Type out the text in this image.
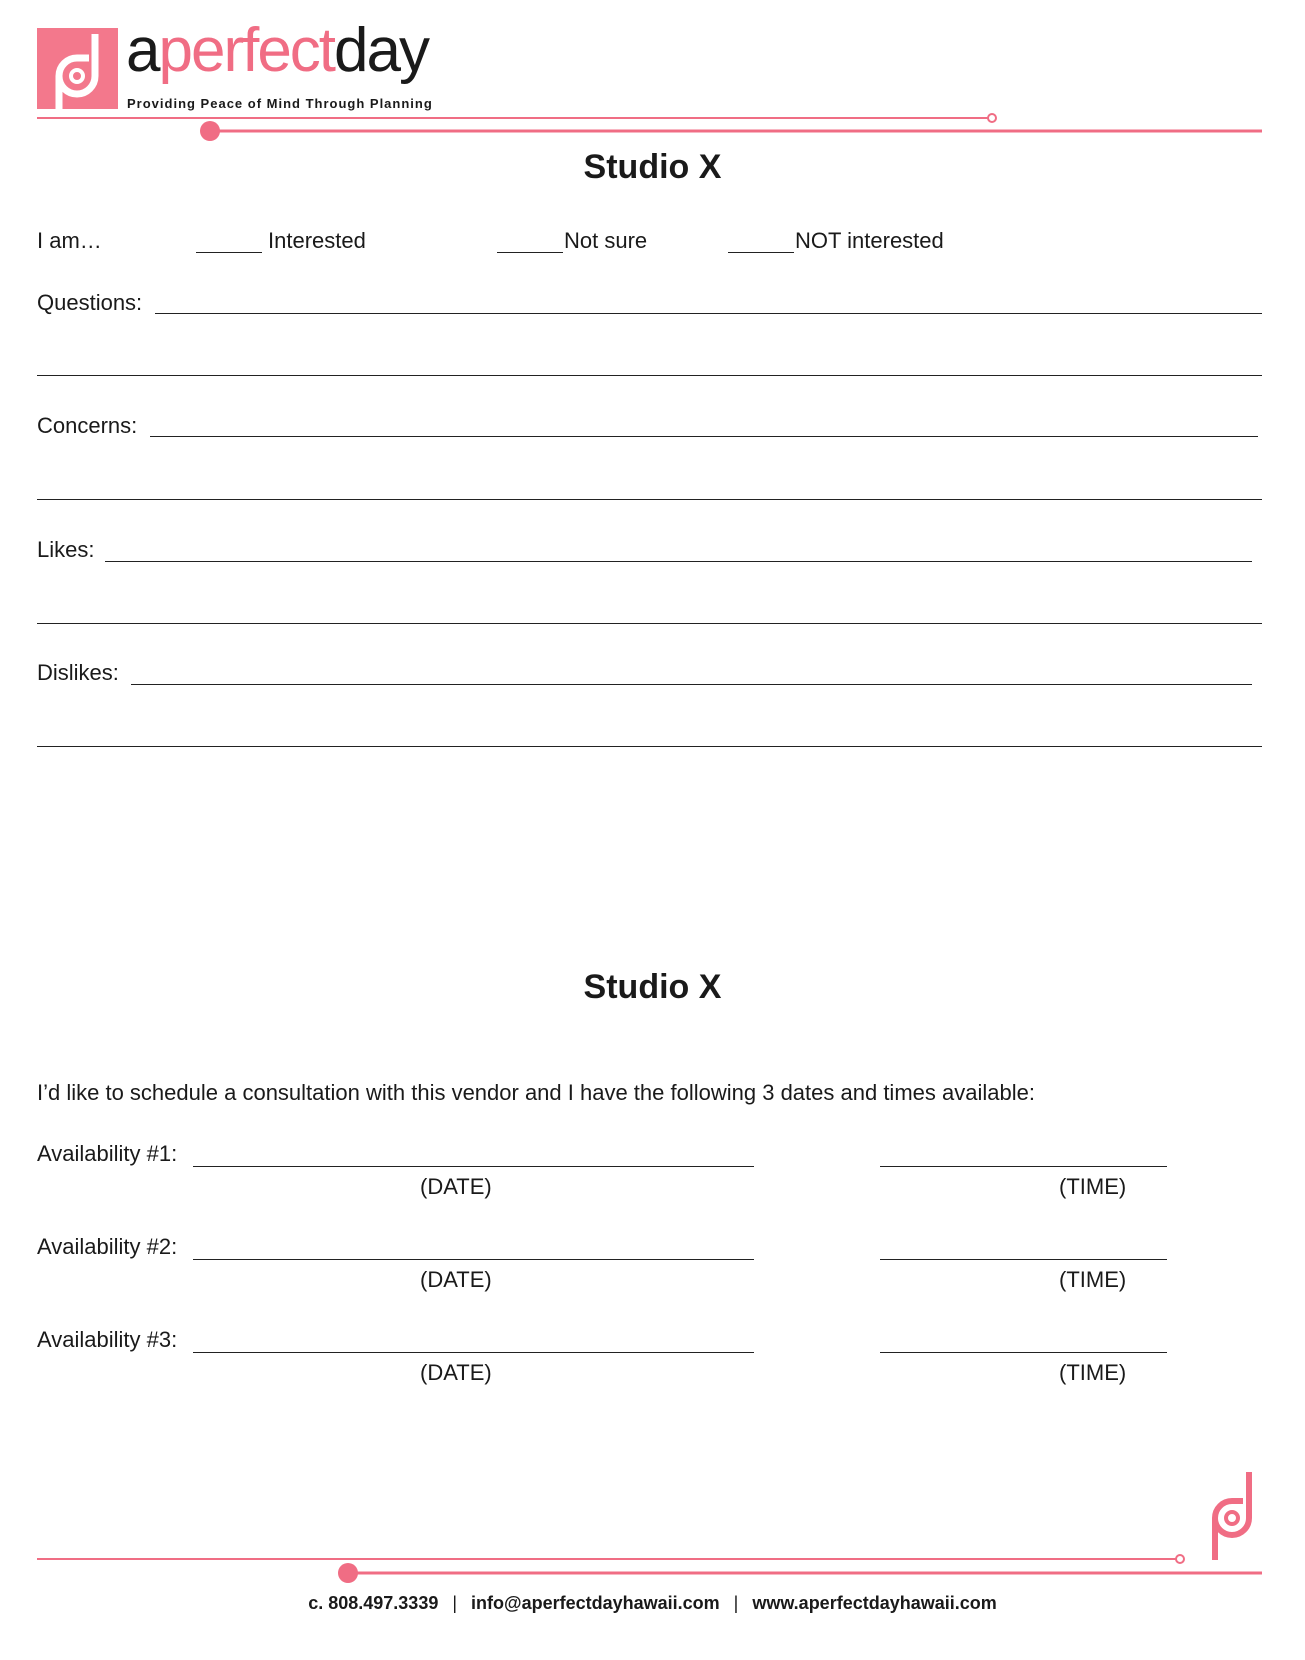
aperfectday
Providing Peace of Mind Through Planning
Studio X
I am…	Interested	Not sure	NOT interested
Questions:
Concerns:
Likes:
Dislikes:
Studio X
I’d like to schedule a consultation with this vendor and I have the following 3 dates and times available:
Availability #1:
(DATE)	(TIME)
Availability #2:
(DATE)	(TIME)
Availability #3:
(DATE)	(TIME)
c. 808.497.3339 | info@aperfectdayhawaii.com | www.aperfectdayhawaii.com
